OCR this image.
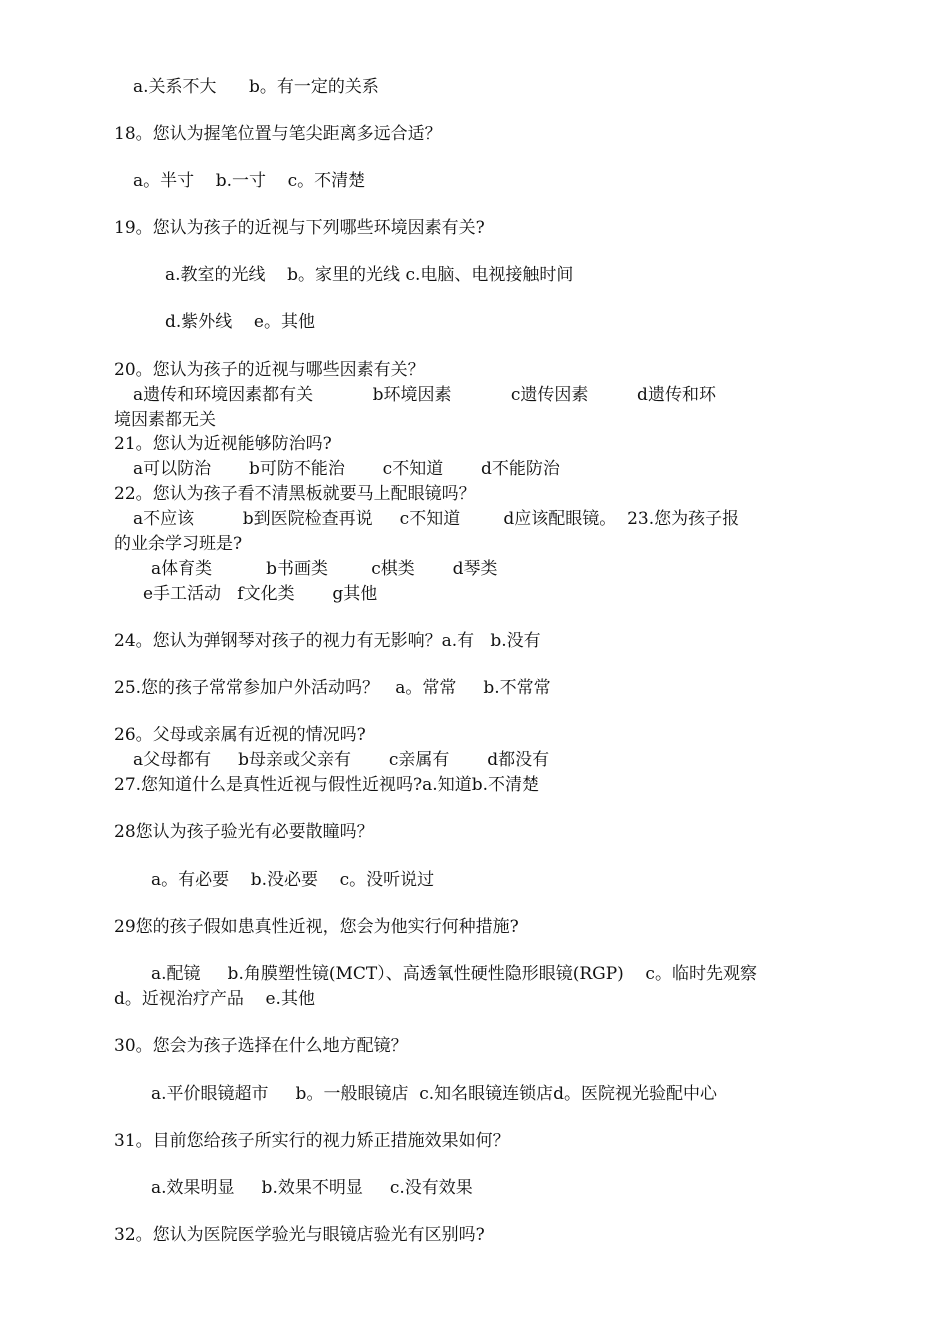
a.关系不大      b。有一定的关系
18。您认为握笔位置与笔尖距离多远合适？
a。半寸    b.一寸    c。不清楚
19。您认为孩子的近视与下列哪些环境因素有关?
a.教室的光线    b。家里的光线 c.电脑、电视接触时间
d.紫外线    e。其他
20。您认为孩子的近视与哪些因素有关？
a遗传和环境因素都有关           b环境因素           c遗传因素         d遗传和环
境因素都无关
21。您认为近视能够防治吗?
a可以防治       b可防不能治       c不知道       d不能防治
22。您认为孩子看不清黑板就要马上配眼镜吗？
a不应该         b到医院检查再说     c不知道        d应该配眼镜。  23.您为孩子报
的业余学习班是?
a体育类          b书画类        c棋类       d琴类
e手工活动   f文化类       g其他
24。您认为弹钢琴对孩子的视力有无影响？a.有   b.没有
25.您的孩子常常参加户外活动吗？   a。常常     b.不常常
26。父母或亲属有近视的情况吗?
a父母都有     b母亲或父亲有       c亲属有       d都没有
27.您知道什么是真性近视与假性近视吗?a.知道b.不清楚
28您认为孩子验光有必要散瞳吗？
a。有必要    b.没必要    c。没听说过
29您的孩子假如患真性近视，您会为他实行何种措施?
a.配镜     b.角膜塑性镜(MCT）、高透氧性硬性隐形眼镜(RGP)    c。临时先观察
d。近视治疗产品    e.其他
30。您会为孩子选择在什么地方配镜？
a.平价眼镜超市     b。一般眼镜店  c.知名眼镜连锁店d。医院视光验配中心
31。目前您给孩子所实行的视力矫正措施效果如何？
a.效果明显     b.效果不明显     c.没有效果
32。您认为医院医学验光与眼镜店验光有区别吗?
